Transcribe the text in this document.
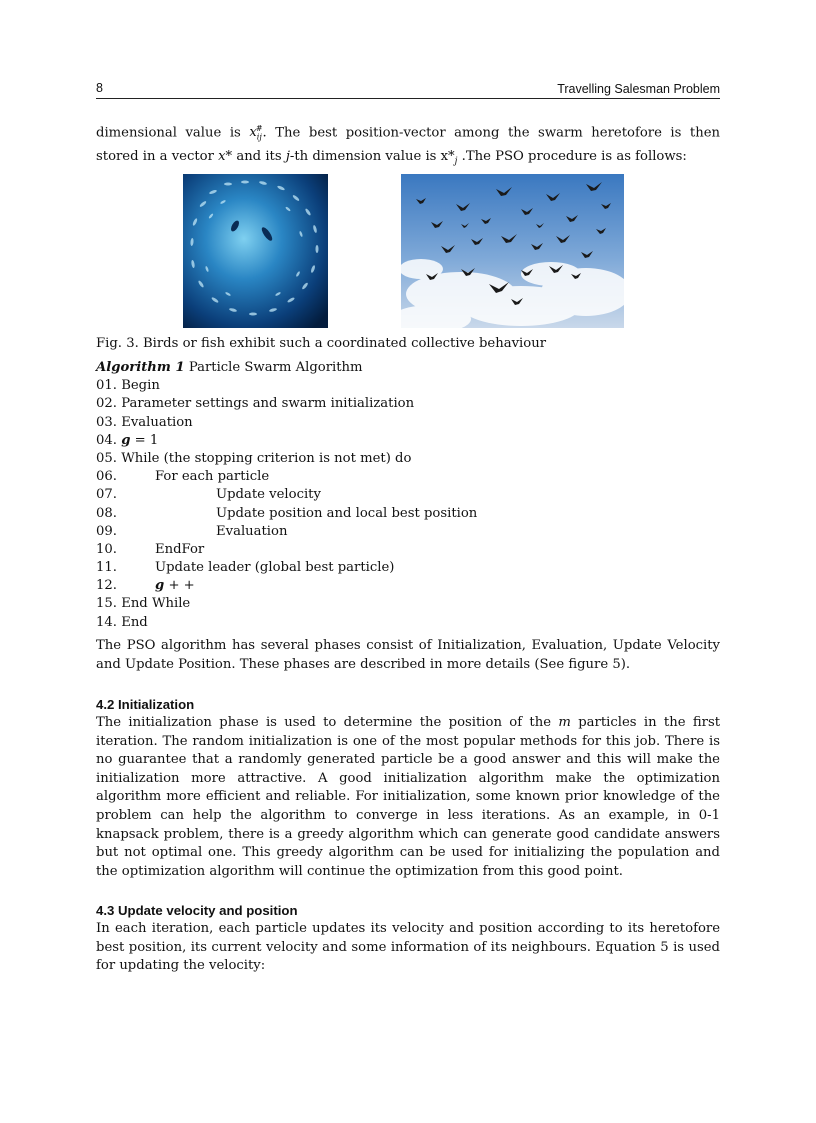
8	Travelling Salesman Problem
dimensional value is $x_{ij}^{\#}$. The best position-vector among the swarm heretofore is then
stored in a vector x* and its j-th dimension value is $x*_j$ .The PSO procedure is as follows:
Fig. 3. Birds or fish exhibit such a coordinated collective behaviour
Algorithm 1 Particle Swarm Algorithm
01. Begin
02. Parameter settings and swarm initialization
03. Evaluation
04. g = 1
05. While (the stopping criterion is not met) do
06.	For each particle
07.	Update velocity
08.	Update position and local best position
09.	Evaluation
10.	EndFor
11.	Update leader (global best particle)
12.	g + +
15. End While
14. End
The PSO algorithm has several phases consist of Initialization, Evaluation, Update Velocity
and Update Position. These phases are described in more details (See figure 5).
4.2 Initialization
The initialization phase is used to determine the position of the m particles in the first
iteration. The random initialization is one of the most popular methods for this job. There is
no guarantee that a randomly generated particle be a good answer and this will make the
initialization more attractive. A good initialization algorithm make the optimization
algorithm more efficient and reliable. For initialization, some known prior knowledge of the
problem can help the algorithm to converge in less iterations. As an example, in 0-1
knapsack problem, there is a greedy algorithm which can generate good candidate answers
but not optimal one. This greedy algorithm can be used for initializing the population and
the optimization algorithm will continue the optimization from this good point.
4.3 Update velocity and position
In each iteration, each particle updates its velocity and position according to its heretofore
best position, its current velocity and some information of its neighbours. Equation 5 is used
for updating the velocity:
